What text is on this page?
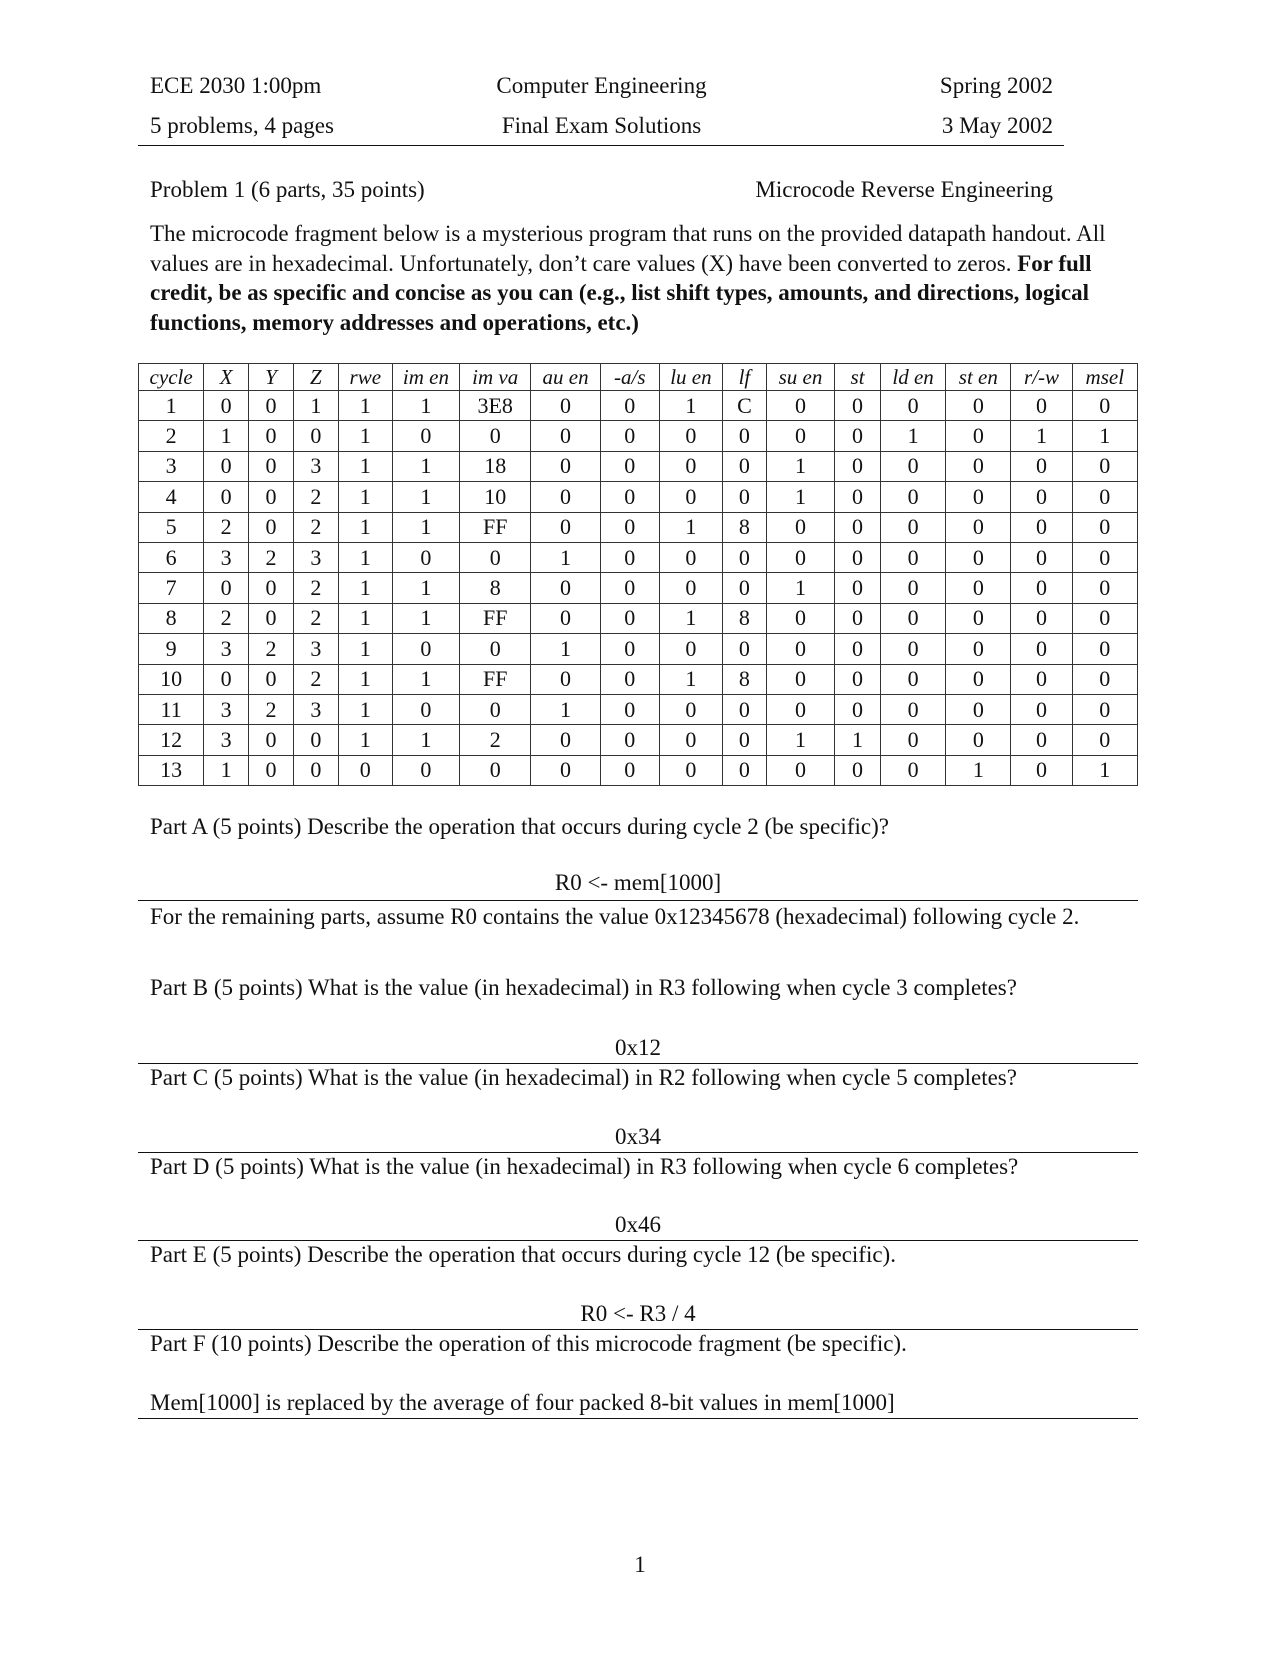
ECE 2030 1:00pm	Computer Engineering	Spring 2002
5 problems, 4 pages	Final Exam Solutions	3 May 2002
Problem 1 (6 parts, 35 points)	Microcode Reverse Engineering
The microcode fragment below is a mysterious program that runs on the provided datapath handout. All values are in hexadecimal. Unfortunately, don’t care values (X) have been converted to zeros. For full credit, be as specific and concise as you can (e.g., list shift types, amounts, and directions, logical functions, memory addresses and operations, etc.)
cycle	X	Y	Z	rwe	im en	im va	au en	-a/s	lu en	lf	su en	st	ld en	st en	r/-w	msel
1	0	0	1	1	1	3E8	0	0	1	C	0	0	0	0	0	0
2	1	0	0	1	0	0	0	0	0	0	0	0	1	0	1	1
3	0	0	3	1	1	18	0	0	0	0	1	0	0	0	0	0
4	0	0	2	1	1	10	0	0	0	0	1	0	0	0	0	0
5	2	0	2	1	1	FF	0	0	1	8	0	0	0	0	0	0
6	3	2	3	1	0	0	1	0	0	0	0	0	0	0	0	0
7	0	0	2	1	1	8	0	0	0	0	1	0	0	0	0	0
8	2	0	2	1	1	FF	0	0	1	8	0	0	0	0	0	0
9	3	2	3	1	0	0	1	0	0	0	0	0	0	0	0	0
10	0	0	2	1	1	FF	0	0	1	8	0	0	0	0	0	0
11	3	2	3	1	0	0	1	0	0	0	0	0	0	0	0	0
12	3	0	0	1	1	2	0	0	0	0	1	1	0	0	0	0
13	1	0	0	0	0	0	0	0	0	0	0	0	0	1	0	1
Part A (5 points) Describe the operation that occurs during cycle 2 (be specific)?
R0 <- mem[1000]
For the remaining parts, assume R0 contains the value 0x12345678 (hexadecimal) following cycle 2.
Part B (5 points) What is the value (in hexadecimal) in R3 following when cycle 3 completes?
0x12
Part C (5 points) What is the value (in hexadecimal) in R2 following when cycle 5 completes?
0x34
Part D (5 points) What is the value (in hexadecimal) in R3 following when cycle 6 completes?
0x46
Part E (5 points) Describe the operation that occurs during cycle 12 (be specific).
R0 <- R3 / 4
Part F (10 points) Describe the operation of this microcode fragment (be specific).
Mem[1000] is replaced by the average of four packed 8-bit values in mem[1000]
1
